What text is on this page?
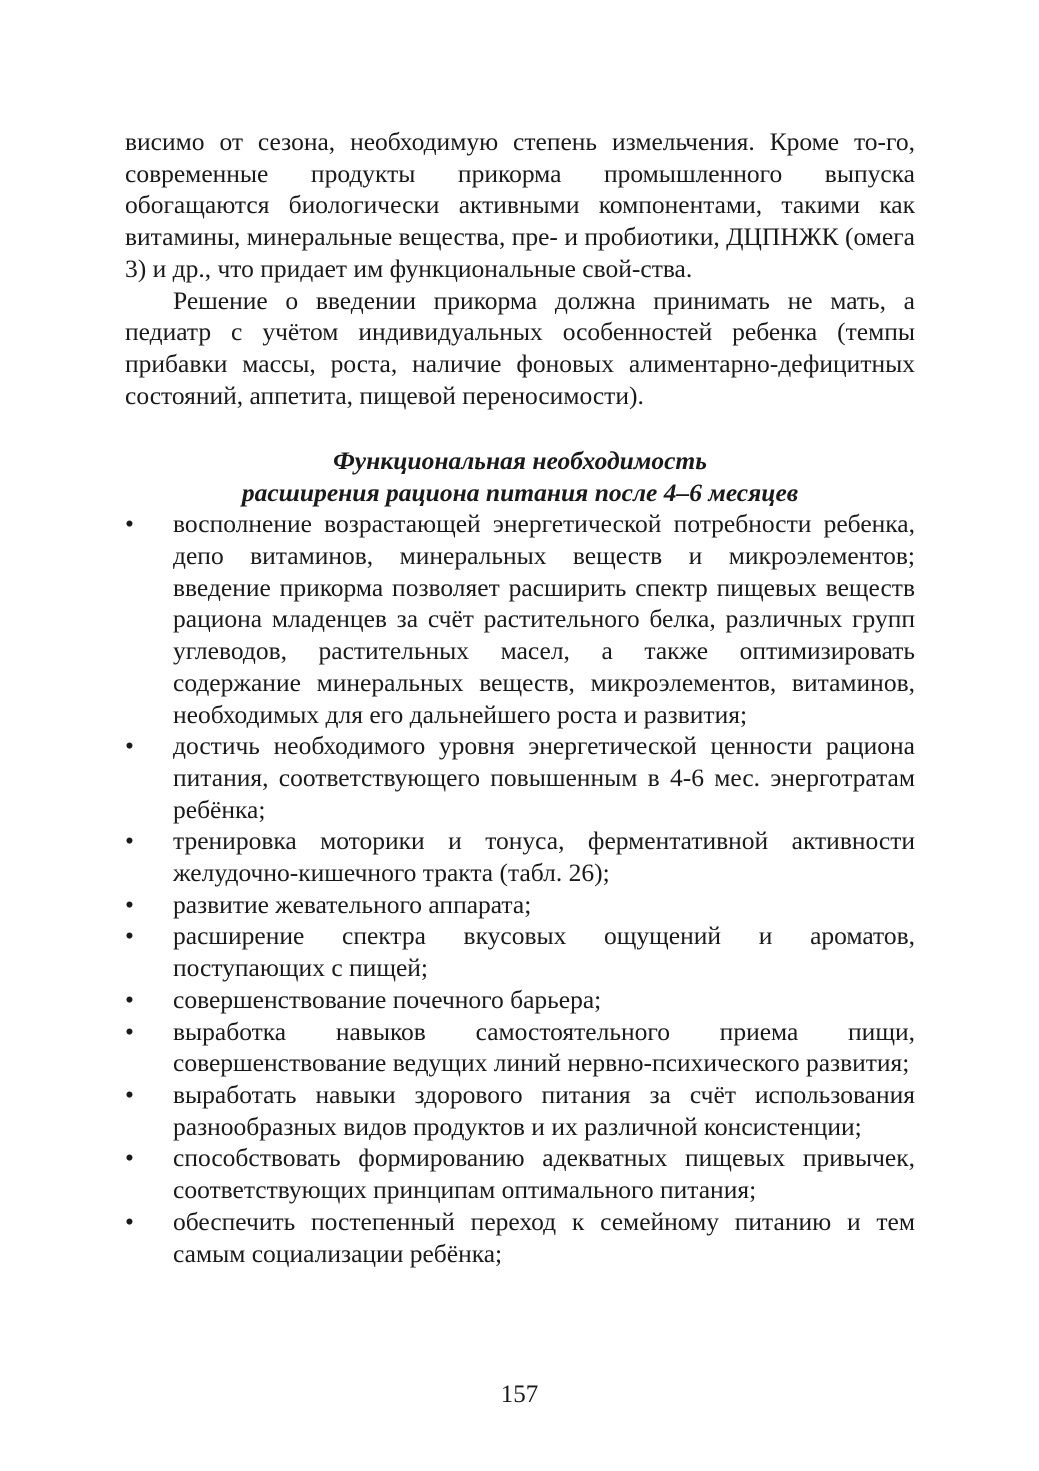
висимо от сезона, необходимую степень измельчения. Кроме то-го, современные продукты прикорма промышленного выпуска обогащаются биологически активными компонентами, такими как витамины, минеральные вещества, пре- и пробиотики, ДЦПНЖК (омега 3) и др., что придает им функциональные свой-ства.

Решение о введении прикорма должна принимать не мать, а педиатр с учётом индивидуальных особенностей ребенка (темпы прибавки массы, роста, наличие фоновых алиментарно-дефицитных состояний, аппетита, пищевой переносимости).

Функциональная необходимость
расширения рациона питания после 4–6 месяцев
• восполнение возрастающей энергетической потребности ребенка, депо витаминов, минеральных веществ и микроэлементов; введение прикорма позволяет расширить спектр пищевых веществ рациона младенцев за счёт растительного белка, различных групп углеводов, растительных масел, а также оптимизировать содержание минеральных веществ, микроэлементов, витаминов, необходимых для его дальнейшего роста и развития;
• достичь необходимого уровня энергетической ценности рациона питания, соответствующего повышенным в 4-6 мес. энерготратам ребёнка;
• тренировка моторики и тонуса, ферментативной активности желудочно-кишечного тракта (табл. 26);
• развитие жевательного аппарата;
• расширение спектра вкусовых ощущений и ароматов, поступающих с пищей;
• совершенствование почечного барьера;
• выработка навыков самостоятельного приема пищи, совершенствование ведущих линий нервно-психического развития;
• выработать навыки здорового питания за счёт использования разнообразных видов продуктов и их различной консистенции;
• способствовать формированию адекватных пищевых привычек, соответствующих принципам оптимального питания;
• обеспечить постепенный переход к семейному питанию и тем самым социализации ребёнка;
157
